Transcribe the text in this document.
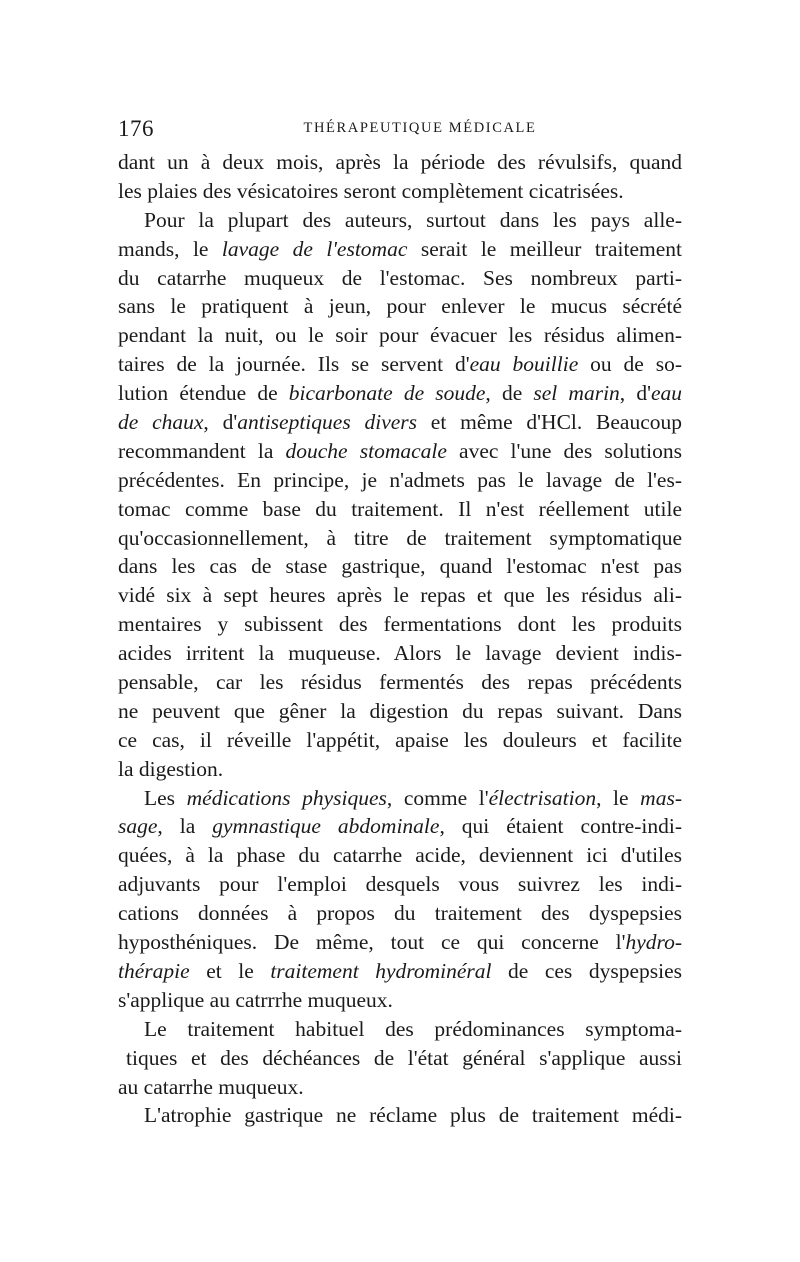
176	THÉRAPEUTIQUE MÉDICALE
dant un à deux mois, après la période des révulsifs, quand
les plaies des vésicatoires seront complètement cicatrisées.
Pour la plupart des auteurs, surtout dans les pays alle-
mands, le lavage de l'estomac serait le meilleur traitement
du catarrhe muqueux de l'estomac. Ses nombreux parti-
sans le pratiquent à jeun, pour enlever le mucus sécrété
pendant la nuit, ou le soir pour évacuer les résidus alimen-
taires de la journée. Ils se servent d'eau bouillie ou de so-
lution étendue de bicarbonate de soude, de sel marin, d'eau
de chaux, d'antiseptiques divers et même d'HCl. Beaucoup
recommandent la douche stomacale avec l'une des solutions
précédentes. En principe, je n'admets pas le lavage de l'es-
tomac comme base du traitement. Il n'est réellement utile
qu'occasionnellement, à titre de traitement symptomatique
dans les cas de stase gastrique, quand l'estomac n'est pas
vidé six à sept heures après le repas et que les résidus ali-
mentaires y subissent des fermentations dont les produits
acides irritent la muqueuse. Alors le lavage devient indis-
pensable, car les résidus fermentés des repas précédents
ne peuvent que gêner la digestion du repas suivant. Dans
ce cas, il réveille l'appétit, apaise les douleurs et facilite
la digestion.
Les médications physiques, comme l'électrisation, le mas-
sage, la gymnastique abdominale, qui étaient contre-indi-
quées, à la phase du catarrhe acide, deviennent ici d'utiles
adjuvants pour l'emploi desquels vous suivrez les indi-
cations données à propos du traitement des dyspepsies
hyposthéniques. De même, tout ce qui concerne l'hydro-
thérapie et le traitement hydrominéral de ces dyspepsies
s'applique au catrrrhe muqueux.
Le traitement habituel des prédominances symptoma-
tiques et des déchéances de l'état général s'applique aussi
au catarrhe muqueux.
L'atrophie gastrique ne réclame plus de traitement médi-
